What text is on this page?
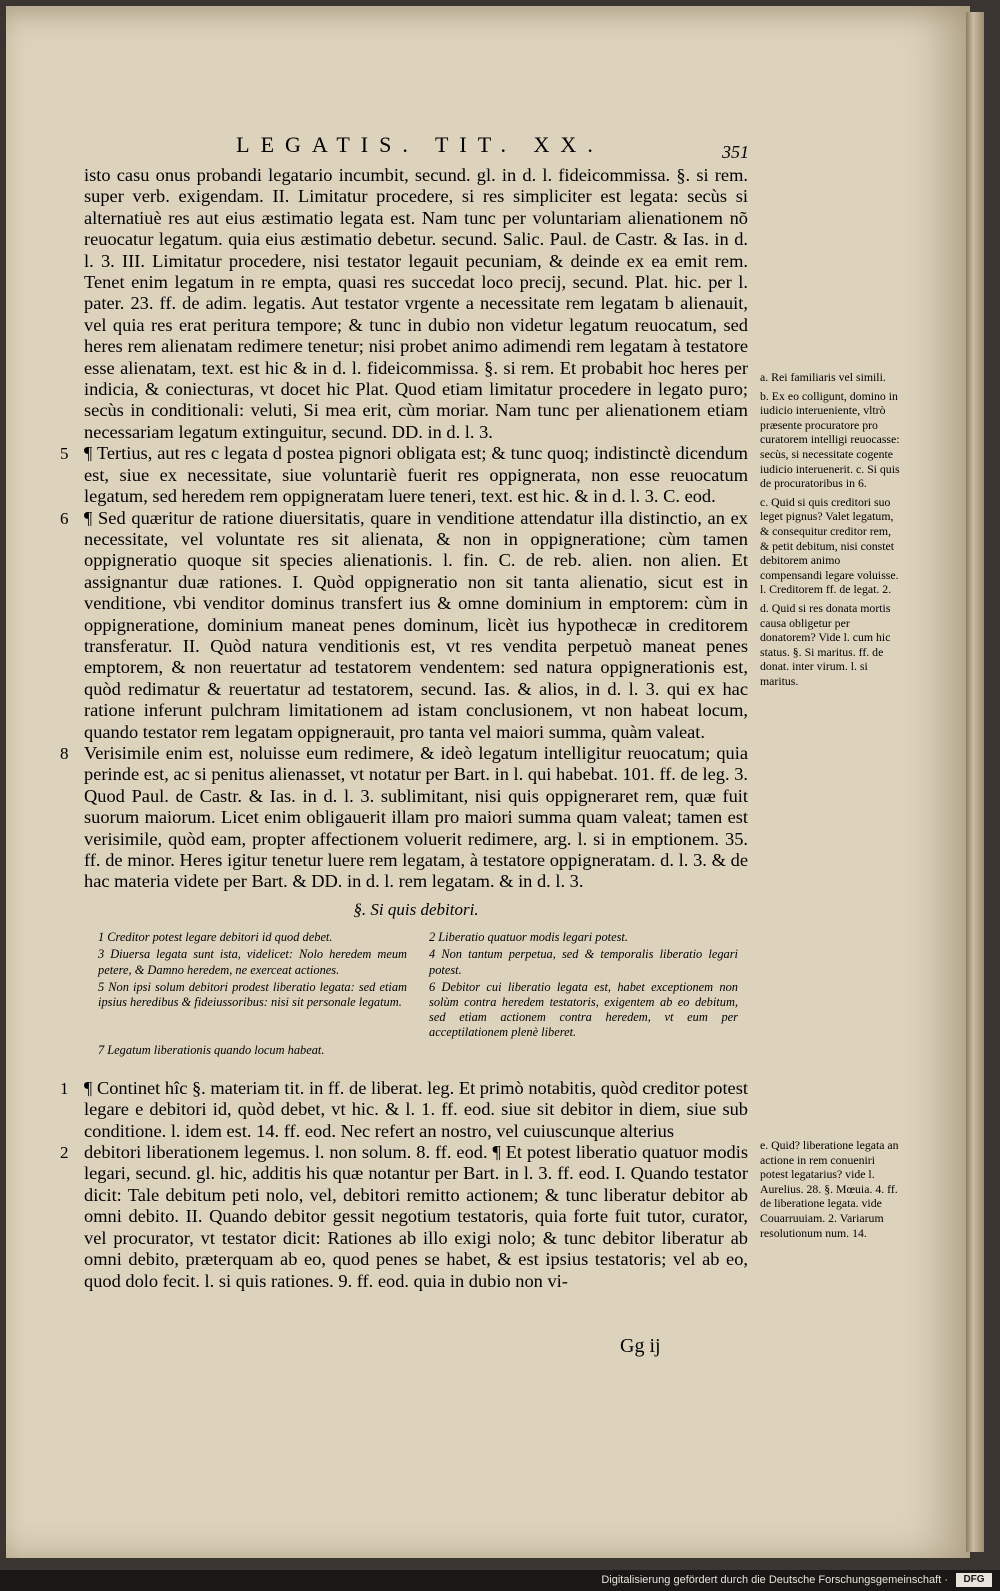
LEGATIS. TIT. XX.	351

isto casu onus probandi legatario incumbit, secund. gl. in d. l. fideicommissa. §. si rem. super verb. exigendam. II. Limitatur procedere, si res simpliciter est legata: secùs si alternatiuè res aut eius æstimatio legata est. Nam tunc per voluntariam alienationem nõ reuocatur legatum. quia eius æstimatio debetur. secund. Salic. Paul. de Castr. & Ias. in d. l. 3. III. Limitatur procedere, nisi testator legauit pecuniam, & deinde ex ea emit rem. Tenet enim legatum in re empta, quasi res succedat loco precij, secund. Plat. hic. per l. pater. 23. ff. de adim. legatis. Aut testator vrgente a necessitate rem legatam b alienauit, vel quia res erat peritura tempore; & tunc in dubio non videtur legatum reuocatum, sed heres rem alienatam redimere tenetur; nisi probet animo adimendi rem legatam à testatore esse alienatam, text. est hic & in d. l. fideicommissa. §. si rem. Et probabit hoc heres per indicia, & coniecturas, vt docet hic Plat. Quod etiam limitatur procedere in legato puro; secùs in conditionali: veluti, Si mea erit, cùm moriar. Nam tunc per alienationem etiam necessariam legatum extinguitur, secund. DD. in d. l. 3.

5 ¶ Tertius, aut res c legata d postea pignori obligata est; & tunc quoq; indistinctè dicendum est, siue ex necessitate, siue voluntariè fuerit res oppignerata, non esse reuocatum legatum, sed heredem rem oppigneratam luere teneri, text. est hic. & in d. l. 3. C. eod.

6 ¶ Sed quæritur de ratione diuersitatis, quare in venditione attendatur illa distinctio, an ex necessitate, vel voluntate res sit alienata, & non in oppigneratione; cùm tamen oppigneratio quoque sit species alienationis. l. fin. C. de reb. alien. non alien. Et assignantur duæ rationes. I. Quòd oppigneratio non sit tanta alienatio, sicut est in venditione, vbi venditor dominus transfert ius & omne dominium in emptorem: cùm in oppigneratione, dominium maneat penes dominum, licèt ius hypothecæ in creditorem transferatur. II. Quòd natura venditionis est, vt res vendita perpetuò maneat penes emptorem, & non reuertatur ad testatorem vendentem: sed natura oppignerationis est, quòd redimatur & reuertatur ad testatorem, secund. Ias. & alios, in d. l. 3. qui ex hac ratione inferunt pulchram limitationem ad istam conclusionem, vt non habeat locum, quando testator rem legatam oppignerauit, pro tanta vel maiori summa, quàm valeat.

8 Verisimile enim est, noluisse eum redimere, & ideò legatum intelligitur reuocatum; quia perinde est, ac si penitus alienasset, vt notatur per Bart. in l. qui habebat. 101. ff. de leg. 3. Quod Paul. de Castr. & Ias. in d. l. 3. sublimitant, nisi quis oppigneraret rem, quæ fuit suorum maiorum. Licet enim obligauerit illam pro maiori summa quam valeat; tamen est verisimile, quòd eam, propter affectionem voluerit redimere, arg. l. si in emptionem. 35. ff. de minor. Heres igitur tenetur luere rem legatam, à testatore oppigneratam. d. l. 3. & de hac materia videte per Bart. & DD. in d. l. rem legatam. & in d. l. 3.

§. Si quis debitori.
1 Creditor potest legare debitori id quod debet.	2 Liberatio quatuor modis legari potest.
3 Diuersa legata sunt ista, videlicet: Nolo heredem meum petere, & Damno heredem, ne exerceat actiones.
4 Non tantum perpetua, sed & temporalis liberatio legari potest.
5 Non ipsi solum debitori prodest liberatio legata: sed etiam ipsius heredibus & fideiussoribus: nisi sit personale legatum.
6 Debitor cui liberatio legata est, habet exceptionem non solùm contra heredem testatoris, exigentem ab eo debitum, sed etiam actionem contra heredem, vt eum per acceptilationem plenè liberet.
7 Legatum liberationis quando locum habeat.
1 ¶ Continet hîc §. materiam tit. in ff. de liberat. leg. Et primò notabitis, quòd creditor potest legare e debitori id, quòd debet, vt hic. & l. 1. ff. eod. siue sit debitor in diem, siue sub conditione. l. idem est. 14. ff. eod. Nec refert an nostro, vel cuiuscunque alterius

2 debitori liberationem legemus. l. non solum. 8. ff. eod. ¶ Et potest liberatio quatuor modis legari, secund. gl. hic, additis his quæ notantur per Bart. in l. 3. ff. eod. I. Quando testator dicit: Tale debitum peti nolo, vel, debitori remitto actionem; & tunc liberatur debitor ab omni debito. II. Quando debitor gessit negotium testatoris, quia forte fuit tutor, curator, vel procurator, vt testator dicit: Rationes ab illo exigi nolo; & tunc debitor liberatur ab omni debito, præterquam ab eo, quod penes se habet, & est ipsius testatoris; vel ab eo, quod dolo fecit. l. si quis rationes. 9. ff. eod. quia in dubio non vi-

a. Rei familiaris vel simili.
b. Ex eo colligunt, domino in iudicio interueniente, vltrò præsente procuratore pro curatorem intelligi reuocasse: secùs, si necessitate cogente iudicio interuenerit. c. Si quis de procuratoribus in 6.
c. Quid si quis creditori suo leget pignus? Valet legatum, & consequitur creditor rem, & petit debitum, nisi constet debitorem animo compensandi legare voluisse. l. Creditorem ff. de legat. 2.
d. Quid si res donata mortis causa obligetur per donatorem? Vide l. cum hic status. §. Si maritus. ff. de donat. inter virum. l. si maritus.
e. Quid? liberatione legata an actione in rem conueniri potest legatarius? vide l. Aurelius. 28. §. Mœuia. 4. ff. de liberatione legata. vide Couarruuiam. 2. Variarum resolutionum num. 14.
Gg ij
Digitalisierung gefördert durch die Deutsche Forschungsgemeinschaft ·	DFG
